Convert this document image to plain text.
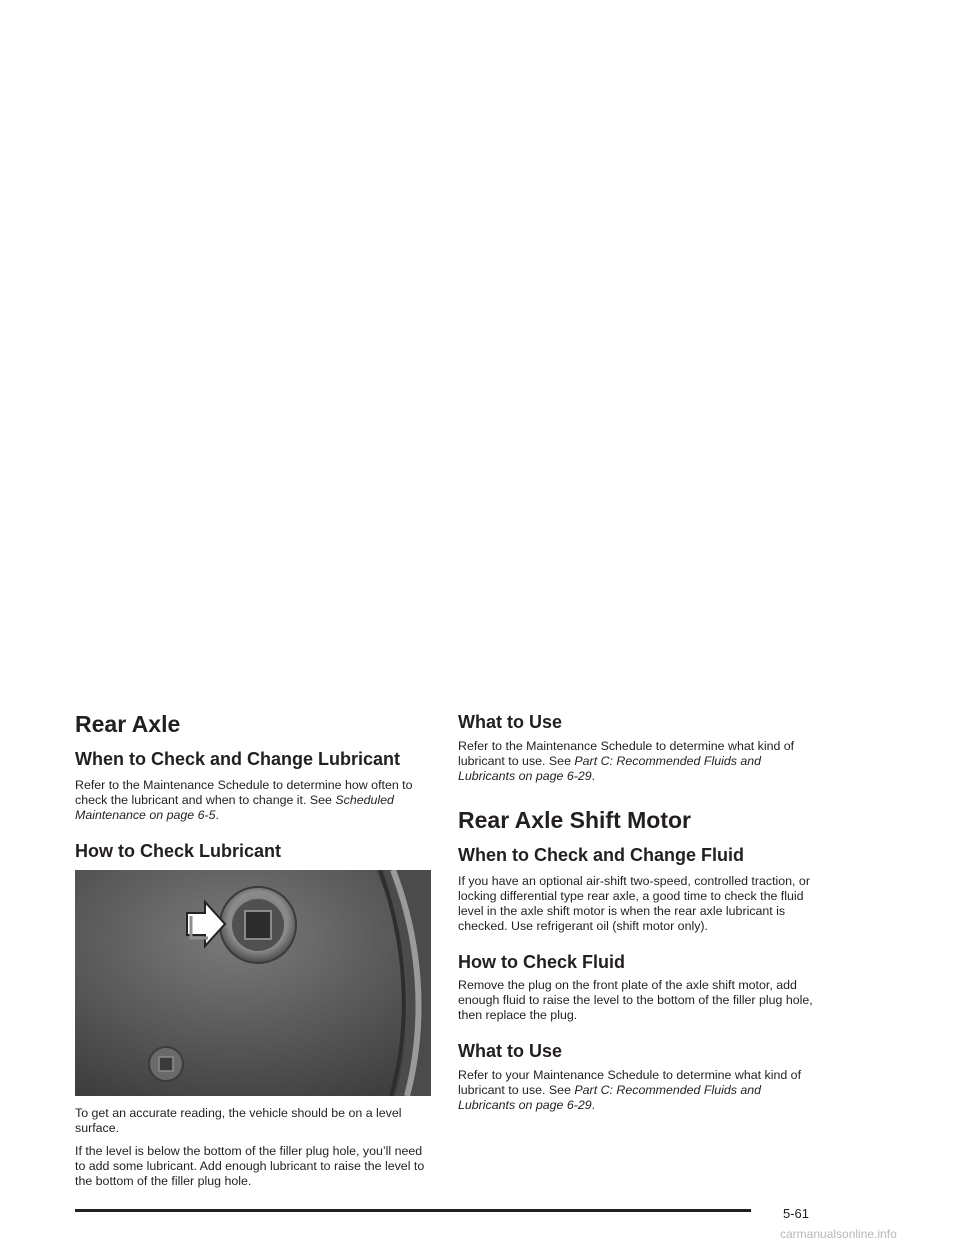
Rear Axle
When to Check and Change Lubricant

Refer to the Maintenance Schedule to determine how often to check the lubricant and when to change it. See Scheduled Maintenance on page 6-5.

How to Check Lubricant

To get an accurate reading, the vehicle should be on a level surface.

If the level is below the bottom of the filler plug hole, you’ll need to add some lubricant. Add enough lubricant to raise the level to the bottom of the filler plug hole.

What to Use

Refer to the Maintenance Schedule to determine what kind of lubricant to use. See Part C: Recommended Fluids and Lubricants on page 6-29.

Rear Axle Shift Motor
When to Check and Change Fluid

If you have an optional air-shift two-speed, controlled traction, or locking differential type rear axle, a good time to check the fluid level in the axle shift motor is when the rear axle lubricant is checked. Use refrigerant oil (shift motor only).

How to Check Fluid

Remove the plug on the front plate of the axle shift motor, add enough fluid to raise the level to the bottom of the filler plug hole, then replace the plug.

What to Use

Refer to your Maintenance Schedule to determine what kind of lubricant to use. See Part C: Recommended Fluids and Lubricants on page 6-29.

5-61
carmanualsonline.info
